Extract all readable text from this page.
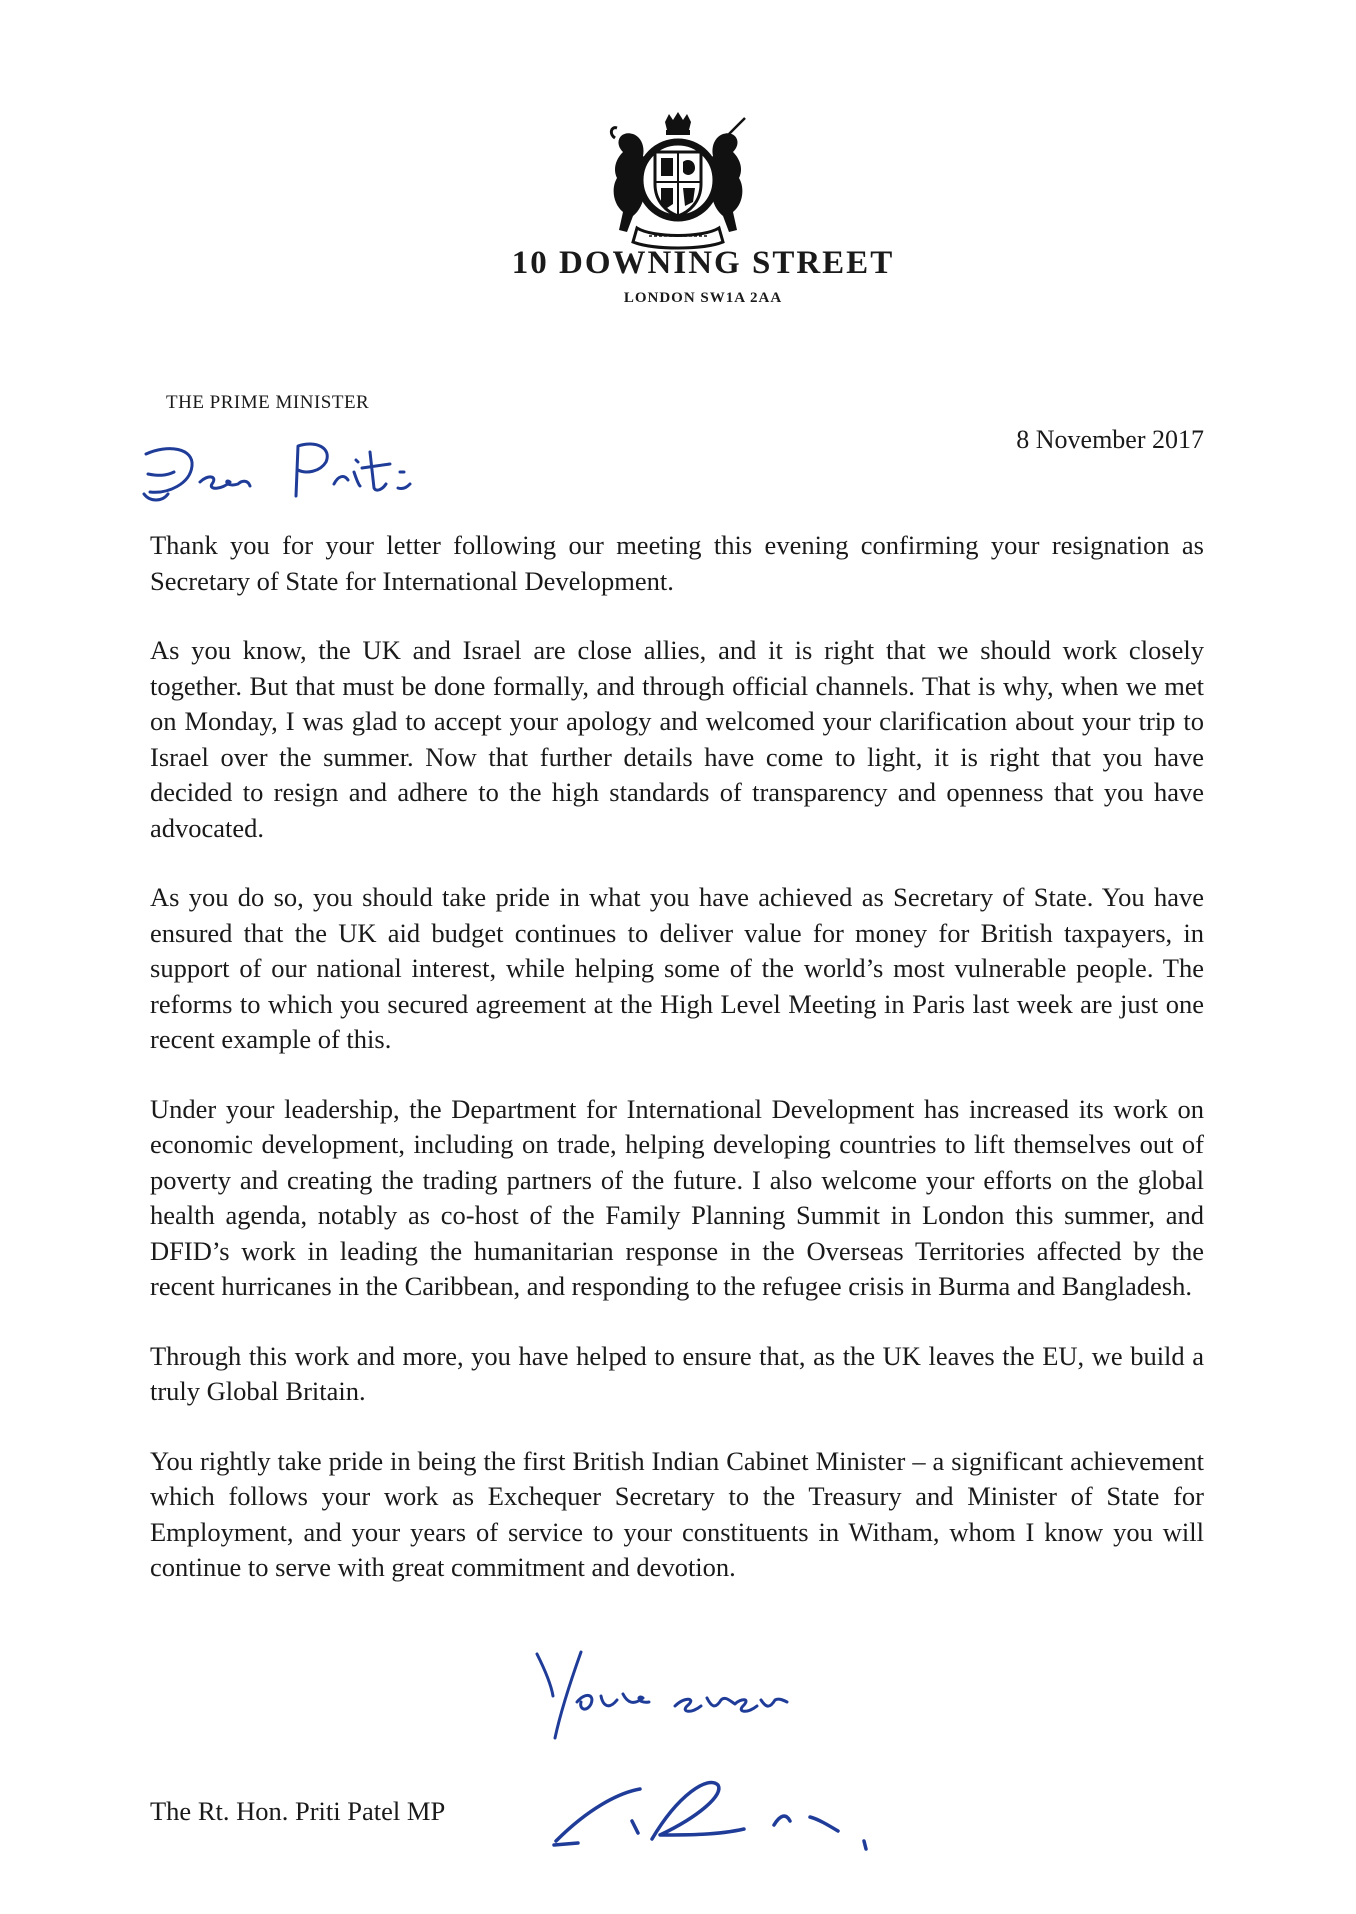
10 DOWNING STREET
LONDON SW1A 2AA
THE PRIME MINISTER
8 November 2017

Thank you for your letter following our meeting this evening confirming your resignation as Secretary of State for International Development.

As you know, the UK and Israel are close allies, and it is right that we should work closely together. But that must be done formally, and through official channels. That is why, when we met on Monday, I was glad to accept your apology and welcomed your clarification about your trip to Israel over the summer. Now that further details have come to light, it is right that you have decided to resign and adhere to the high standards of transparency and openness that you have advocated.

As you do so, you should take pride in what you have achieved as Secretary of State. You have ensured that the UK aid budget continues to deliver value for money for British taxpayers, in support of our national interest, while helping some of the world’s most vulnerable people. The reforms to which you secured agreement at the High Level Meeting in Paris last week are just one recent example of this.

Under your leadership, the Department for International Development has increased its work on economic development, including on trade, helping developing countries to lift themselves out of poverty and creating the trading partners of the future. I also welcome your efforts on the global health agenda, notably as co-host of the Family Planning Summit in London this summer, and DFID’s work in leading the humanitarian response in the Overseas Territories affected by the recent hurricanes in the Caribbean, and responding to the refugee crisis in Burma and Bangladesh.

Through this work and more, you have helped to ensure that, as the UK leaves the EU, we build a truly Global Britain.

You rightly take pride in being the first British Indian Cabinet Minister – a significant achievement which follows your work as Exchequer Secretary to the Treasury and Minister of State for Employment, and your years of service to your constituents in Witham, whom I know you will continue to serve with great commitment and devotion.

The Rt. Hon. Priti Patel MP
